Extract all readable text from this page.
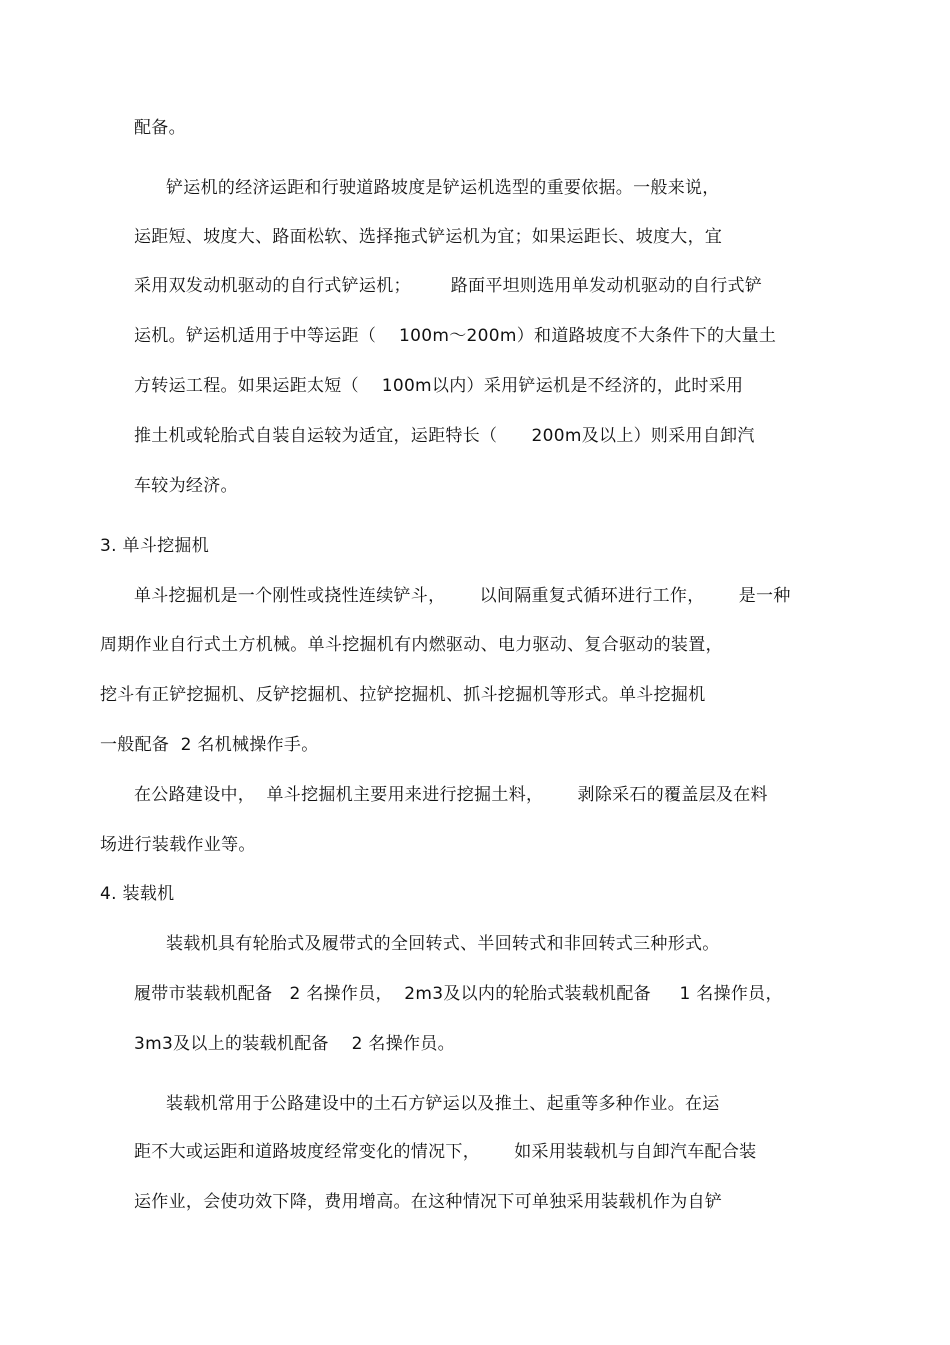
配备。
铲运机的经济运距和行驶道路坡度是铲运机选型的重要依据。一般来说，
运距短、坡度大、路面松软、选择拖式铲运机为宜；如果运距长、坡度大，宜
采用双发动机驱动的自行式铲运机；       路面平坦则选用单发动机驱动的自行式铲
运机。铲运机适用于中等运距（    100m～200m）和道路坡度不大条件下的大量土
方转运工程。如果运距太短（    100m以内）采用铲运机是不经济的，此时采用
推土机或轮胎式自装自运较为适宜，运距特长（      200m及以上）则采用自卸汽
车较为经济。
3. 单斗挖掘机
单斗挖掘机是一个刚性或挠性连续铲斗，      以间隔重复式循环进行工作，      是一种
周期作业自行式土方机械。单斗挖掘机有内燃驱动、电力驱动、复合驱动的装置，
挖斗有正铲挖掘机、反铲挖掘机、拉铲挖掘机、抓斗挖掘机等形式。单斗挖掘机
一般配备  2 名机械操作手。
在公路建设中，  单斗挖掘机主要用来进行挖掘土料，      剥除采石的覆盖层及在料
场进行装载作业等。
4. 装载机
装载机具有轮胎式及履带式的全回转式、半回转式和非回转式三种形式。
履带市装载机配备   2 名操作员，  2m3及以内的轮胎式装载机配备     1 名操作员，
3m3及以上的装载机配备    2 名操作员。
装载机常用于公路建设中的土石方铲运以及推土、起重等多种作业。在运
距不大或运距和道路坡度经常变化的情况下，      如采用装载机与自卸汽车配合装
运作业，会使功效下降，费用增高。在这种情况下可单独采用装载机作为自铲
